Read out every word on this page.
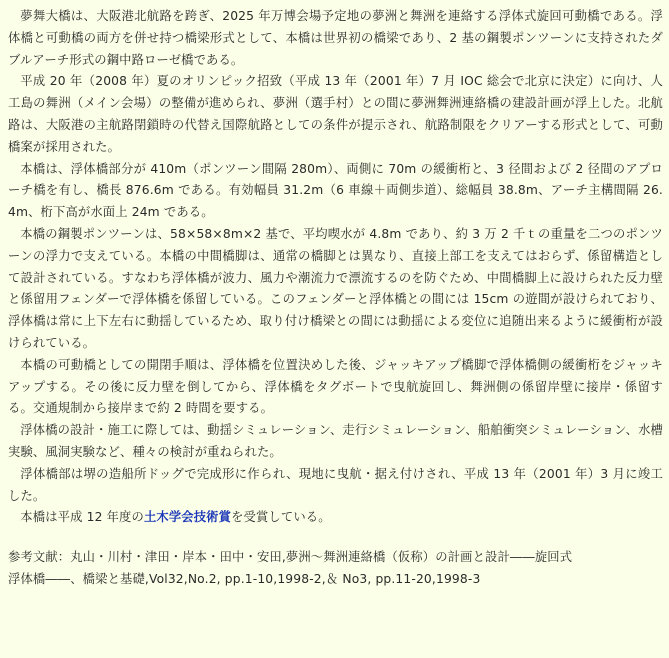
夢舞大橋は、大阪港北航路を跨ぎ、2025 年万博会場予定地の夢洲と舞洲を連絡する浮体式旋回可動橋である。浮体橋と可動橋の両方を併せ持つ橋梁形式として、本橋は世界初の橋梁であり、2 基の鋼製ポンツーンに支持されたダブルアーチ形式の鋼中路ローゼ橋である。

平成 20 年（2008 年）夏のオリンピック招致（平成 13 年（2001 年）7 月 IOC 総会で北京に決定）に向け、人工島の舞洲（メイン会場）の整備が進められ、夢洲（選手村）との間に夢洲舞洲連絡橋の建設計画が浮上した。北航路は、大阪港の主航路閉鎖時の代替え国際航路としての条件が提示され、航路制限をクリアーする形式として、可動橋案が採用された。

本橋は、浮体橋部分が 410m（ポンツーン間隔 280m）、両側に 70m の緩衝桁と、3 径間および 2 径間のアプローチ橋を有し、橋長 876.6m である。有効幅員 31.2m（6 車線＋両側歩道）、総幅員 38.8m、アーチ主構間隔 26.4m、桁下高が水面上 24m である。

本橋の鋼製ポンツーンは、58×58×8m×2 基で、平均喫水が 4.8m であり、約 3 万 2 千ｔの重量を二つのポンツーンの浮力で支えている。本橋の中間橋脚は、通常の橋脚とは異なり、直接上部工を支えてはおらず、係留構造として設計されている。すなわち浮体橋が波力、風力や潮流力で漂流するのを防ぐため、中間橋脚上に設けられた反力壁と係留用フェンダーで浮体橋を係留している。このフェンダーと浮体橋との間には 15cm の遊間が設けられており、浮体橋は常に上下左右に動揺しているため、取り付け橋梁との間には動揺による変位に追随出来るように緩衝桁が設けられている。

本橋の可動橋としての開閉手順は、浮体橋を位置決めした後、ジャッキアップ橋脚で浮体橋側の緩衝桁をジャッキアップする。その後に反力壁を倒してから、浮体橋をタグボートで曳航旋回し、舞洲側の係留岸壁に接岸・係留する。交通規制から接岸まで約 2 時間を要する。

浮体橋の設計・施工に際しては、動揺シミュレーション、走行シミュレーション、船舶衝突シミュレーション、水槽実験、風洞実験など、種々の検討が重ねられた。

浮体橋部は堺の造船所ドッグで完成形に作られ、現地に曳航・据え付けされ、平成 13 年（2001 年）3 月に竣工した。

本橋は平成 12 年度の土木学会技術賞を受賞している。

参考文献：丸山・川村・津田・岸本・田中・安田,夢洲～舞洲連絡橋（仮称）の計画と設計――旋回式

浮体橋――、橋梁と基礎,Vol32,No.2, pp.1-10,1998-2,＆ No3, pp.11-20,1998-3
